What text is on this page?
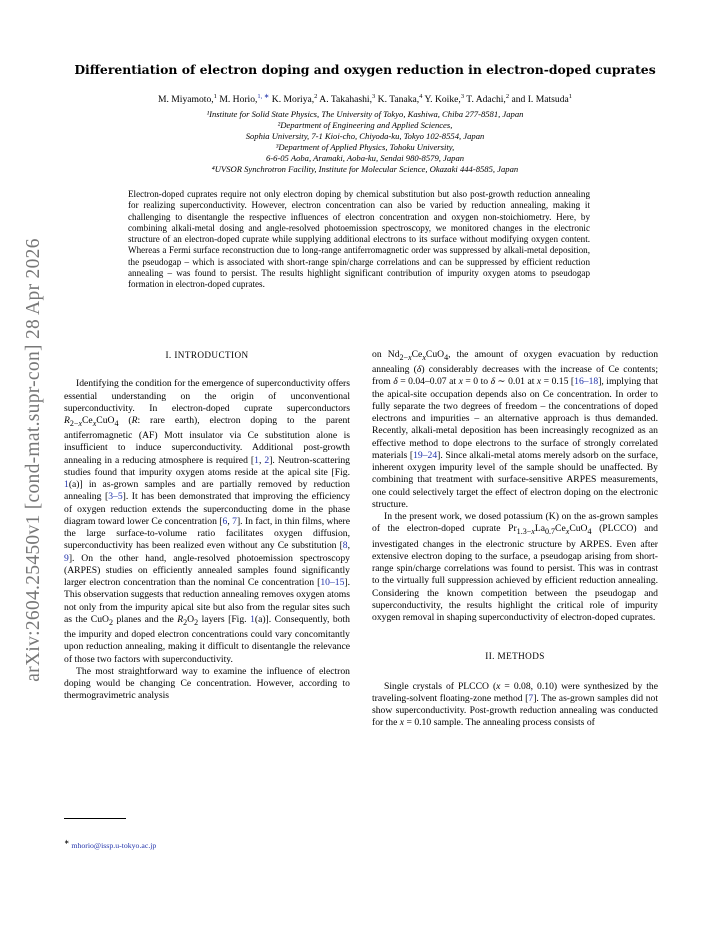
arXiv:2604.25450v1 [cond-mat.supr-con] 28 Apr 2026
Differentiation of electron doping and oxygen reduction in electron-doped cuprates
M. Miyamoto,$^1$ M. Horio,$^{1, ∗}$ K. Moriya,$^2$ A. Takahashi,$^3$ K. Tanaka,$^4$ Y. Koike,$^3$ T. Adachi,$^2$ and I. Matsuda$^1$
¹Institute for Solid State Physics, The University of Tokyo, Kashiwa, Chiba 277-8581, Japan
²Department of Engineering and Applied Sciences,
Sophia University, 7-1 Kioi-cho, Chiyoda-ku, Tokyo 102-8554, Japan
³Department of Applied Physics, Tohoku University,
6-6-05 Aoba, Aramaki, Aoba-ku, Sendai 980-8579, Japan
⁴UVSOR Synchrotron Facility, Institute for Molecular Science, Okazaki 444-8585, Japan
Electron-doped cuprates require not only electron doping by chemical substitution but also post-growth reduction annealing for realizing superconductivity. However, electron concentration can also be varied by reduction annealing, making it challenging to disentangle the respective influences of electron concentration and oxygen non-stoichiometry. Here, by combining alkali-metal dosing and angle-resolved photoemission spectroscopy, we monitored changes in the electronic structure of an electron-doped cuprate while supplying additional electrons to its surface without modifying oxygen content. Whereas a Fermi surface reconstruction due to long-range antiferromagnetic order was suppressed by alkali-metal deposition, the pseudogap – which is associated with short-range spin/charge correlations and can be suppressed by efficient reduction annealing – was found to persist. The results highlight significant contribution of impurity oxygen atoms to pseudogap formation in electron-doped cuprates.
I. INTRODUCTION

Identifying the condition for the emergence of superconductivity offers essential understanding on the origin of unconventional superconductivity. In electron-doped cuprate superconductors $R_{2-x}Ce_xCuO_4$ (R: rare earth), electron doping to the parent antiferromagnetic (AF) Mott insulator via Ce substitution alone is insufficient to induce superconductivity. Additional post-growth annealing in a reducing atmosphere is required [1, 2]. Neutron-scattering studies found that impurity oxygen atoms reside at the apical site [Fig. 1(a)] in as-grown samples and are partially removed by reduction annealing [3–5]. It has been demonstrated that improving the efficiency of oxygen reduction extends the superconducting dome in the phase diagram toward lower Ce concentration [6, 7]. In fact, in thin films, where the large surface-to-volume ratio facilitates oxygen diffusion, superconductivity has been realized even without any Ce substitution [8, 9]. On the other hand, angle-resolved photoemission spectroscopy (ARPES) studies on efficiently annealed samples found significantly larger electron concentration than the nominal Ce concentration [10–15]. This observation suggests that reduction annealing removes oxygen atoms not only from the impurity apical site but also from the regular sites such as the CuO$_2$ planes and the $R_2O_2$ layers [Fig. 1(a)]. Consequently, both the impurity and doped electron concentrations could vary concomitantly upon reduction annealing, making it difficult to disentangle the relevance of those two factors with superconductivity.

The most straightforward way to examine the influence of electron doping would be changing Ce concentration. However, according to thermogravimetric analysis

on $Nd_{2-x}Ce_xCuO_4$, the amount of oxygen evacuation by reduction annealing (δ) considerably decreases with the increase of Ce contents; from δ = 0.04–0.07 at x = 0 to δ ∼ 0.01 at x = 0.15 [16–18], implying that the apical-site occupation depends also on Ce concentration. In order to fully separate the two degrees of freedom – the concentrations of doped electrons and impurities – an alternative approach is thus demanded. Recently, alkali-metal deposition has been increasingly recognized as an effective method to dope electrons to the surface of strongly correlated materials [19–24]. Since alkali-metal atoms merely adsorb on the surface, inherent oxygen impurity level of the sample should be unaffected. By combining that treatment with surface-sensitive ARPES measurements, one could selectively target the effect of electron doping on the electronic structure.

In the present work, we dosed potassium (K) on the as-grown samples of the electron-doped cuprate $Pr_{1.3-x}La_{0.7}Ce_xCuO_4$ (PLCCO) and investigated changes in the electronic structure by ARPES. Even after extensive electron doping to the surface, a pseudogap arising from short-range spin/charge correlations was found to persist. This was in contrast to the virtually full suppression achieved by efficient reduction annealing. Considering the known competition between the pseudogap and superconductivity, the results highlight the critical role of impurity oxygen removal in shaping superconductivity of electron-doped cuprates.

II. METHODS

Single crystals of PLCCO (x = 0.08, 0.10) were synthesized by the traveling-solvent floating-zone method [7]. The as-grown samples did not show superconductivity. Post-growth reduction annealing was conducted for the x = 0.10 sample. The annealing process consists of

∗ mhorio@issp.u-tokyo.ac.jp
